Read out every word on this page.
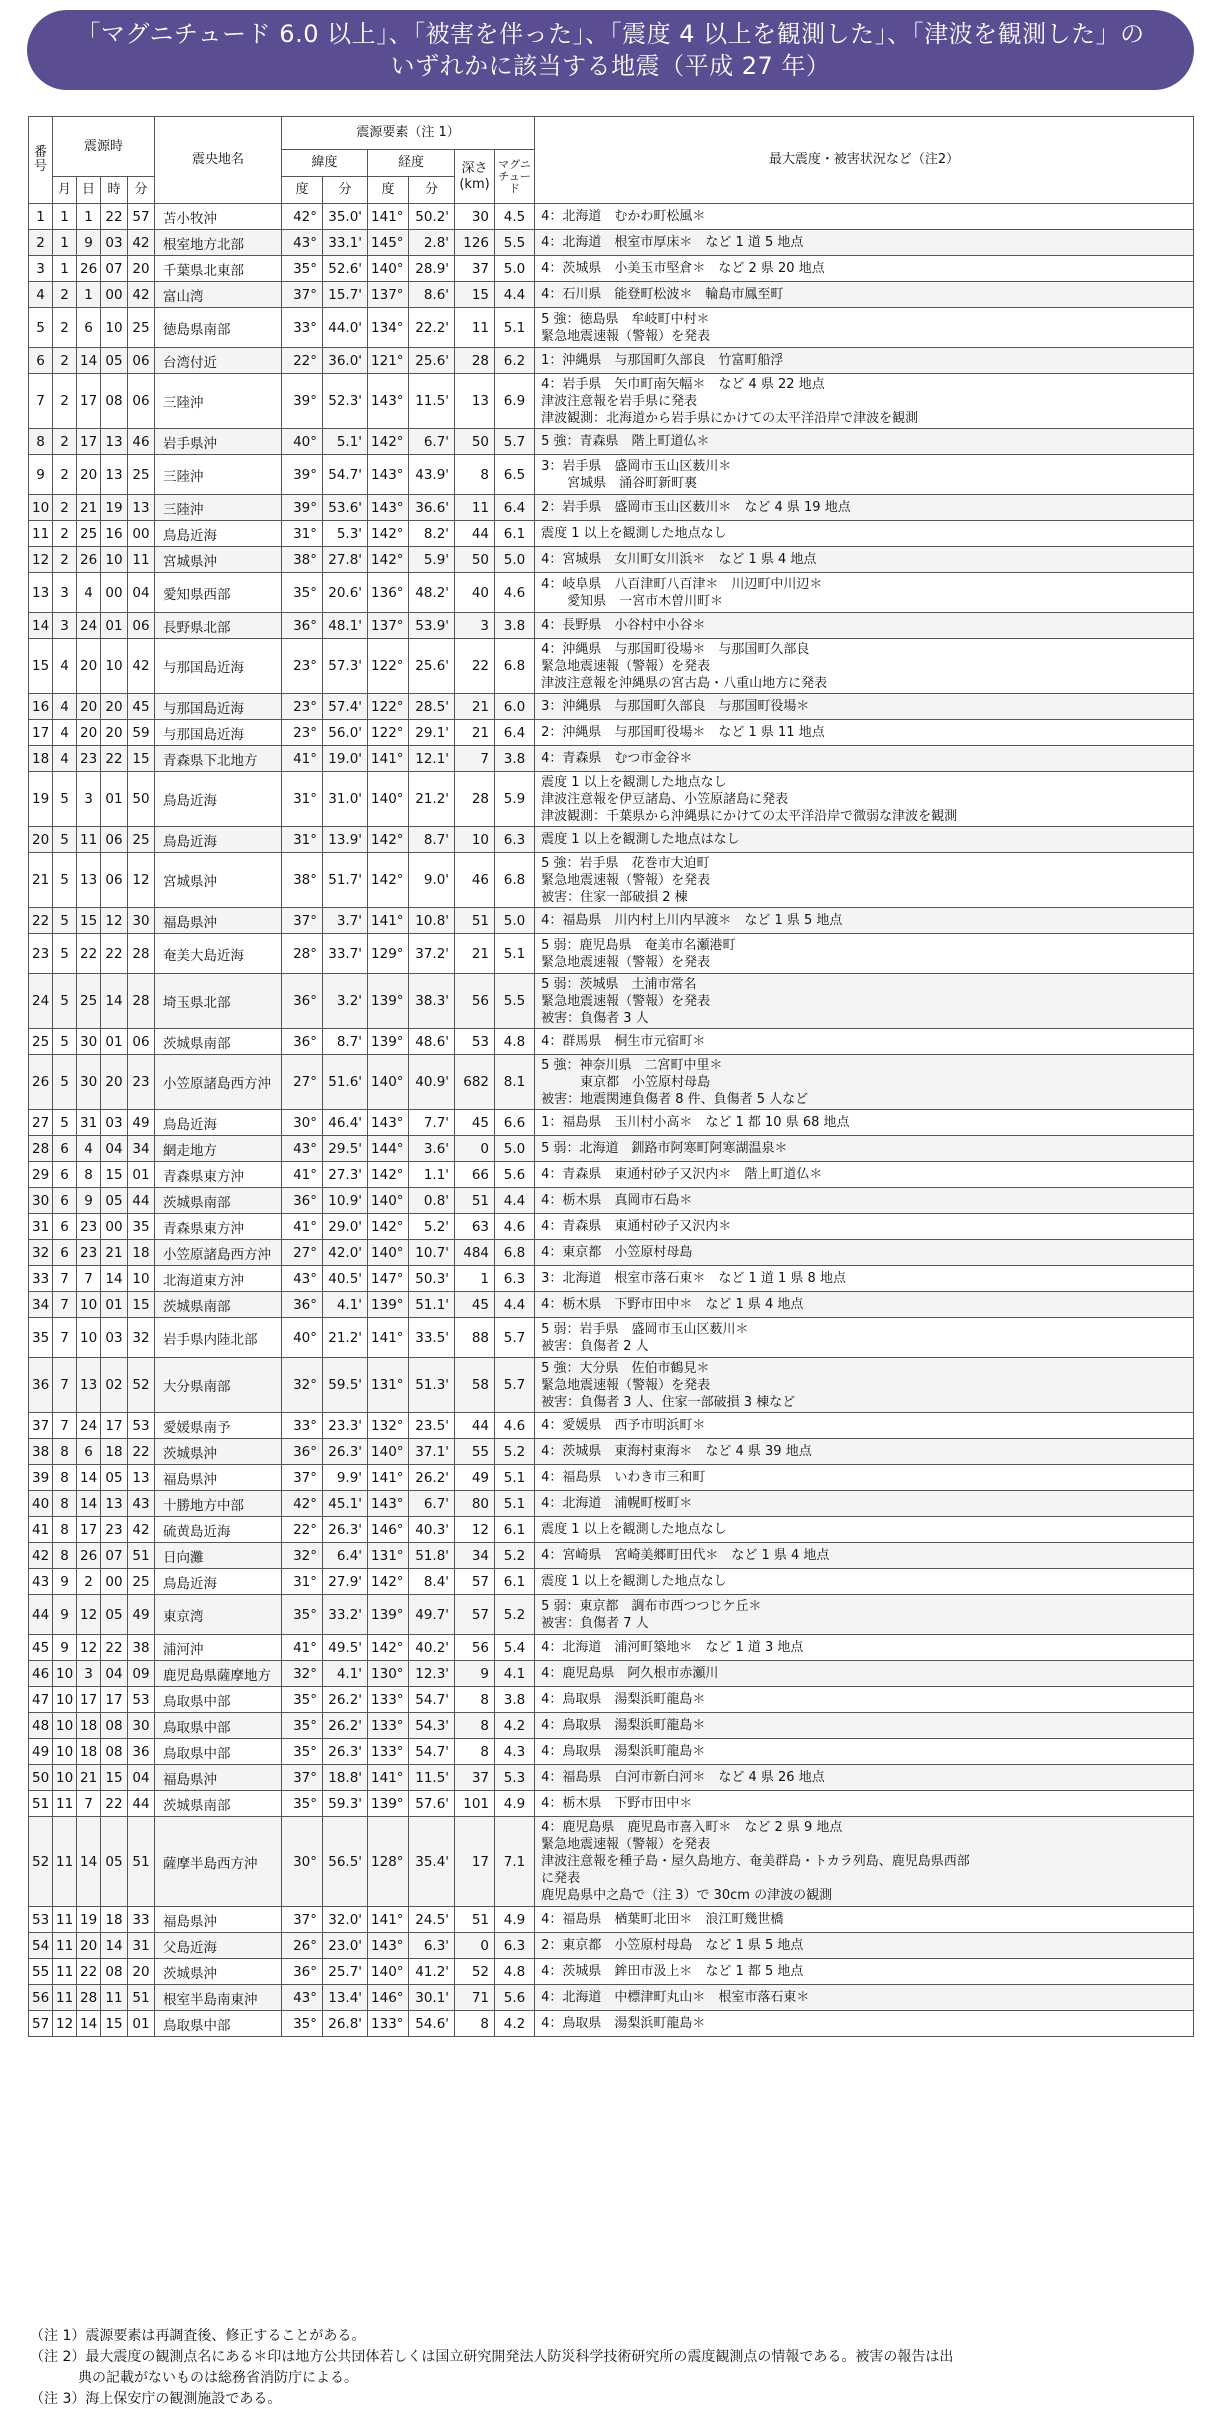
「マグニチュード 6.0 以上」、「被害を伴った」、「震度 4 以上を観測した」、「津波を観測した」の
いずれかに該当する地震（平成 27 年）
番号	震源時				震央地名	震源要素（注 1）						最大震度・被害状況など（注2）
						緯度		経度		深さ(km)	マグニチュード	
	月	日	時	分		度	分	度	分			
1	1	1	22	57	苫小牧沖	42°	35.0'	141°	50.2'	30	4.5	4：北海道　むかわ町松風＊

2	1	9	03	42	根室地方北部	43°	33.1'	145°	2.8'	126	5.5	4：北海道　根室市厚床＊　など 1 道 5 地点

3	1	26	07	20	千葉県北東部	35°	52.6'	140°	28.9'	37	5.0	4：茨城県　小美玉市堅倉＊　など 2 県 20 地点

4	2	1	00	42	富山湾	37°	15.7'	137°	8.6'	15	4.4	4：石川県　能登町松波＊　輪島市鳳至町

5	2	6	10	25	徳島県南部	33°	44.0'	134°	22.2'	11	5.1	5 強：徳島県　牟岐町中村＊
緊急地震速報（警報）を発表

6	2	14	05	06	台湾付近	22°	36.0'	121°	25.6'	28	6.2	1：沖縄県　与那国町久部良　竹富町船浮

7	2	17	08	06	三陸沖	39°	52.3'	143°	11.5'	13	6.9	4：岩手県　矢巾町南矢幅＊　など 4 県 22 地点
津波注意報を岩手県に発表
津波観測：北海道から岩手県にかけての太平洋沿岸で津波を観測

8	2	17	13	46	岩手県沖	40°	5.1'	142°	6.7'	50	5.7	5 強：青森県　階上町道仏＊

9	2	20	13	25	三陸沖	39°	54.7'	143°	43.9'	8	6.5	3：岩手県　盛岡市玉山区薮川＊
　　宮城県　涌谷町新町裏

10	2	21	19	13	三陸沖	39°	53.6'	143°	36.6'	11	6.4	2：岩手県　盛岡市玉山区薮川＊　など 4 県 19 地点

11	2	25	16	00	鳥島近海	31°	5.3'	142°	8.2'	44	6.1	震度 1 以上を観測した地点なし

12	2	26	10	11	宮城県沖	38°	27.8'	142°	5.9'	50	5.0	4：宮城県　女川町女川浜＊　など 1 県 4 地点

13	3	4	00	04	愛知県西部	35°	20.6'	136°	48.2'	40	4.6	4：岐阜県　八百津町八百津＊　川辺町中川辺＊
　　愛知県　一宮市木曽川町＊

14	3	24	01	06	長野県北部	36°	48.1'	137°	53.9'	3	3.8	4：長野県　小谷村中小谷＊

15	4	20	10	42	与那国島近海	23°	57.3'	122°	25.6'	22	6.8	4：沖縄県　与那国町役場＊　与那国町久部良
緊急地震速報（警報）を発表
津波注意報を沖縄県の宮古島・八重山地方に発表

16	4	20	20	45	与那国島近海	23°	57.4'	122°	28.5'	21	6.0	3：沖縄県　与那国町久部良　与那国町役場＊

17	4	20	20	59	与那国島近海	23°	56.0'	122°	29.1'	21	6.4	2：沖縄県　与那国町役場＊　など 1 県 11 地点

18	4	23	22	15	青森県下北地方	41°	19.0'	141°	12.1'	7	3.8	4：青森県　むつ市金谷＊

19	5	3	01	50	鳥島近海	31°	31.0'	140°	21.2'	28	5.9	震度 1 以上を観測した地点なし
津波注意報を伊豆諸島、小笠原諸島に発表
津波観測：千葉県から沖縄県にかけての太平洋沿岸で微弱な津波を観測

20	5	11	06	25	鳥島近海	31°	13.9'	142°	8.7'	10	6.3	震度 1 以上を観測した地点はなし

21	5	13	06	12	宮城県沖	38°	51.7'	142°	9.0'	46	6.8	5 強：岩手県　花巻市大迫町
緊急地震速報（警報）を発表
被害：住家一部破損 2 棟

22	5	15	12	30	福島県沖	37°	3.7'	141°	10.8'	51	5.0	4：福島県　川内村上川内早渡＊　など 1 県 5 地点

23	5	22	22	28	奄美大島近海	28°	33.7'	129°	37.2'	21	5.1	5 弱：鹿児島県　奄美市名瀬港町
緊急地震速報（警報）を発表

24	5	25	14	28	埼玉県北部	36°	3.2'	139°	38.3'	56	5.5	5 弱：茨城県　土浦市常名
緊急地震速報（警報）を発表
被害：負傷者 3 人

25	5	30	01	06	茨城県南部	36°	8.7'	139°	48.6'	53	4.8	4：群馬県　桐生市元宿町＊

26	5	30	20	23	小笠原諸島西方沖	27°	51.6'	140°	40.9'	682	8.1	5 強：神奈川県　二宮町中里＊
　　　東京都　小笠原村母島
被害：地震関連負傷者 8 件、負傷者 5 人など

27	5	31	03	49	鳥島近海	30°	46.4'	143°	7.7'	45	6.6	1：福島県　玉川村小高＊　など 1 都 10 県 68 地点

28	6	4	04	34	網走地方	43°	29.5'	144°	3.6'	0	5.0	5 弱：北海道　釧路市阿寒町阿寒湖温泉＊

29	6	8	15	01	青森県東方沖	41°	27.3'	142°	1.1'	66	5.6	4：青森県　東通村砂子又沢内＊　階上町道仏＊

30	6	9	05	44	茨城県南部	36°	10.9'	140°	0.8'	51	4.4	4：栃木県　真岡市石島＊

31	6	23	00	35	青森県東方沖	41°	29.0'	142°	5.2'	63	4.6	4：青森県　東通村砂子又沢内＊

32	6	23	21	18	小笠原諸島西方沖	27°	42.0'	140°	10.7'	484	6.8	4：東京都　小笠原村母島

33	7	7	14	10	北海道東方沖	43°	40.5'	147°	50.3'	1	6.3	3：北海道　根室市落石東＊　など 1 道 1 県 8 地点

34	7	10	01	15	茨城県南部	36°	4.1'	139°	51.1'	45	4.4	4：栃木県　下野市田中＊　など 1 県 4 地点

35	7	10	03	32	岩手県内陸北部	40°	21.2'	141°	33.5'	88	5.7	5 弱：岩手県　盛岡市玉山区薮川＊
被害：負傷者 2 人

36	7	13	02	52	大分県南部	32°	59.5'	131°	51.3'	58	5.7	5 強：大分県　佐伯市鶴見＊
緊急地震速報（警報）を発表
被害：負傷者 3 人、住家一部破損 3 棟など

37	7	24	17	53	愛媛県南予	33°	23.3'	132°	23.5'	44	4.6	4：愛媛県　西予市明浜町＊

38	8	6	18	22	茨城県沖	36°	26.3'	140°	37.1'	55	5.2	4：茨城県　東海村東海＊　など 4 県 39 地点

39	8	14	05	13	福島県沖	37°	9.9'	141°	26.2'	49	5.1	4：福島県　いわき市三和町

40	8	14	13	43	十勝地方中部	42°	45.1'	143°	6.7'	80	5.1	4：北海道　浦幌町桜町＊

41	8	17	23	42	硫黄島近海	22°	26.3'	146°	40.3'	12	6.1	震度 1 以上を観測した地点なし

42	8	26	07	51	日向灘	32°	6.4'	131°	51.8'	34	5.2	4：宮崎県　宮崎美郷町田代＊　など 1 県 4 地点

43	9	2	00	25	鳥島近海	31°	27.9'	142°	8.4'	57	6.1	震度 1 以上を観測した地点なし

44	9	12	05	49	東京湾	35°	33.2'	139°	49.7'	57	5.2	5 弱：東京都　調布市西つつじケ丘＊
被害：負傷者 7 人

45	9	12	22	38	浦河沖	41°	49.5'	142°	40.2'	56	5.4	4：北海道　浦河町築地＊　など 1 道 3 地点

46	10	3	04	09	鹿児島県薩摩地方	32°	4.1'	130°	12.3'	9	4.1	4：鹿児島県　阿久根市赤瀬川

47	10	17	17	53	鳥取県中部	35°	26.2'	133°	54.7'	8	3.8	4：鳥取県　湯梨浜町龍島＊

48	10	18	08	30	鳥取県中部	35°	26.2'	133°	54.3'	8	4.2	4：鳥取県　湯梨浜町龍島＊

49	10	18	08	36	鳥取県中部	35°	26.3'	133°	54.7'	8	4.3	4：鳥取県　湯梨浜町龍島＊

50	10	21	15	04	福島県沖	37°	18.8'	141°	11.5'	37	5.3	4：福島県　白河市新白河＊　など 4 県 26 地点

51	11	7	22	44	茨城県南部	35°	59.3'	139°	57.6'	101	4.9	4：栃木県　下野市田中＊

52	11	14	05	51	薩摩半島西方沖	30°	56.5'	128°	35.4'	17	7.1	4：鹿児島県　鹿児島市喜入町＊　など 2 県 9 地点
緊急地震速報（警報）を発表
津波注意報を種子島・屋久島地方、奄美群島・トカラ列島、鹿児島県西部
に発表
鹿児島県中之島で（注 3）で 30cm の津波の観測

53	11	19	18	33	福島県沖	37°	32.0'	141°	24.5'	51	4.9	4：福島県　楢葉町北田＊　浪江町幾世橋

54	11	20	14	31	父島近海	26°	23.0'	143°	6.3'	0	6.3	2：東京都　小笠原村母島　など 1 県 5 地点

55	11	22	08	20	茨城県沖	36°	25.7'	140°	41.2'	52	4.8	4：茨城県　鉾田市汲上＊　など 1 都 5 地点

56	11	28	11	51	根室半島南東沖	43°	13.4'	146°	30.1'	71	5.6	4：北海道　中標津町丸山＊　根室市落石東＊

57	12	14	15	01	鳥取県中部	35°	26.8'	133°	54.6'	8	4.2	4：鳥取県　湯梨浜町龍島＊
（注 1）震源要素は再調査後、修正することがある。
（注 2）最大震度の観測点名にある＊印は地方公共団体若しくは国立研究開発法人防災科学技術研究所の震度観測点の情報である。被害の報告は出
典の記載がないものは総務省消防庁による。
（注 3）海上保安庁の観測施設である。
